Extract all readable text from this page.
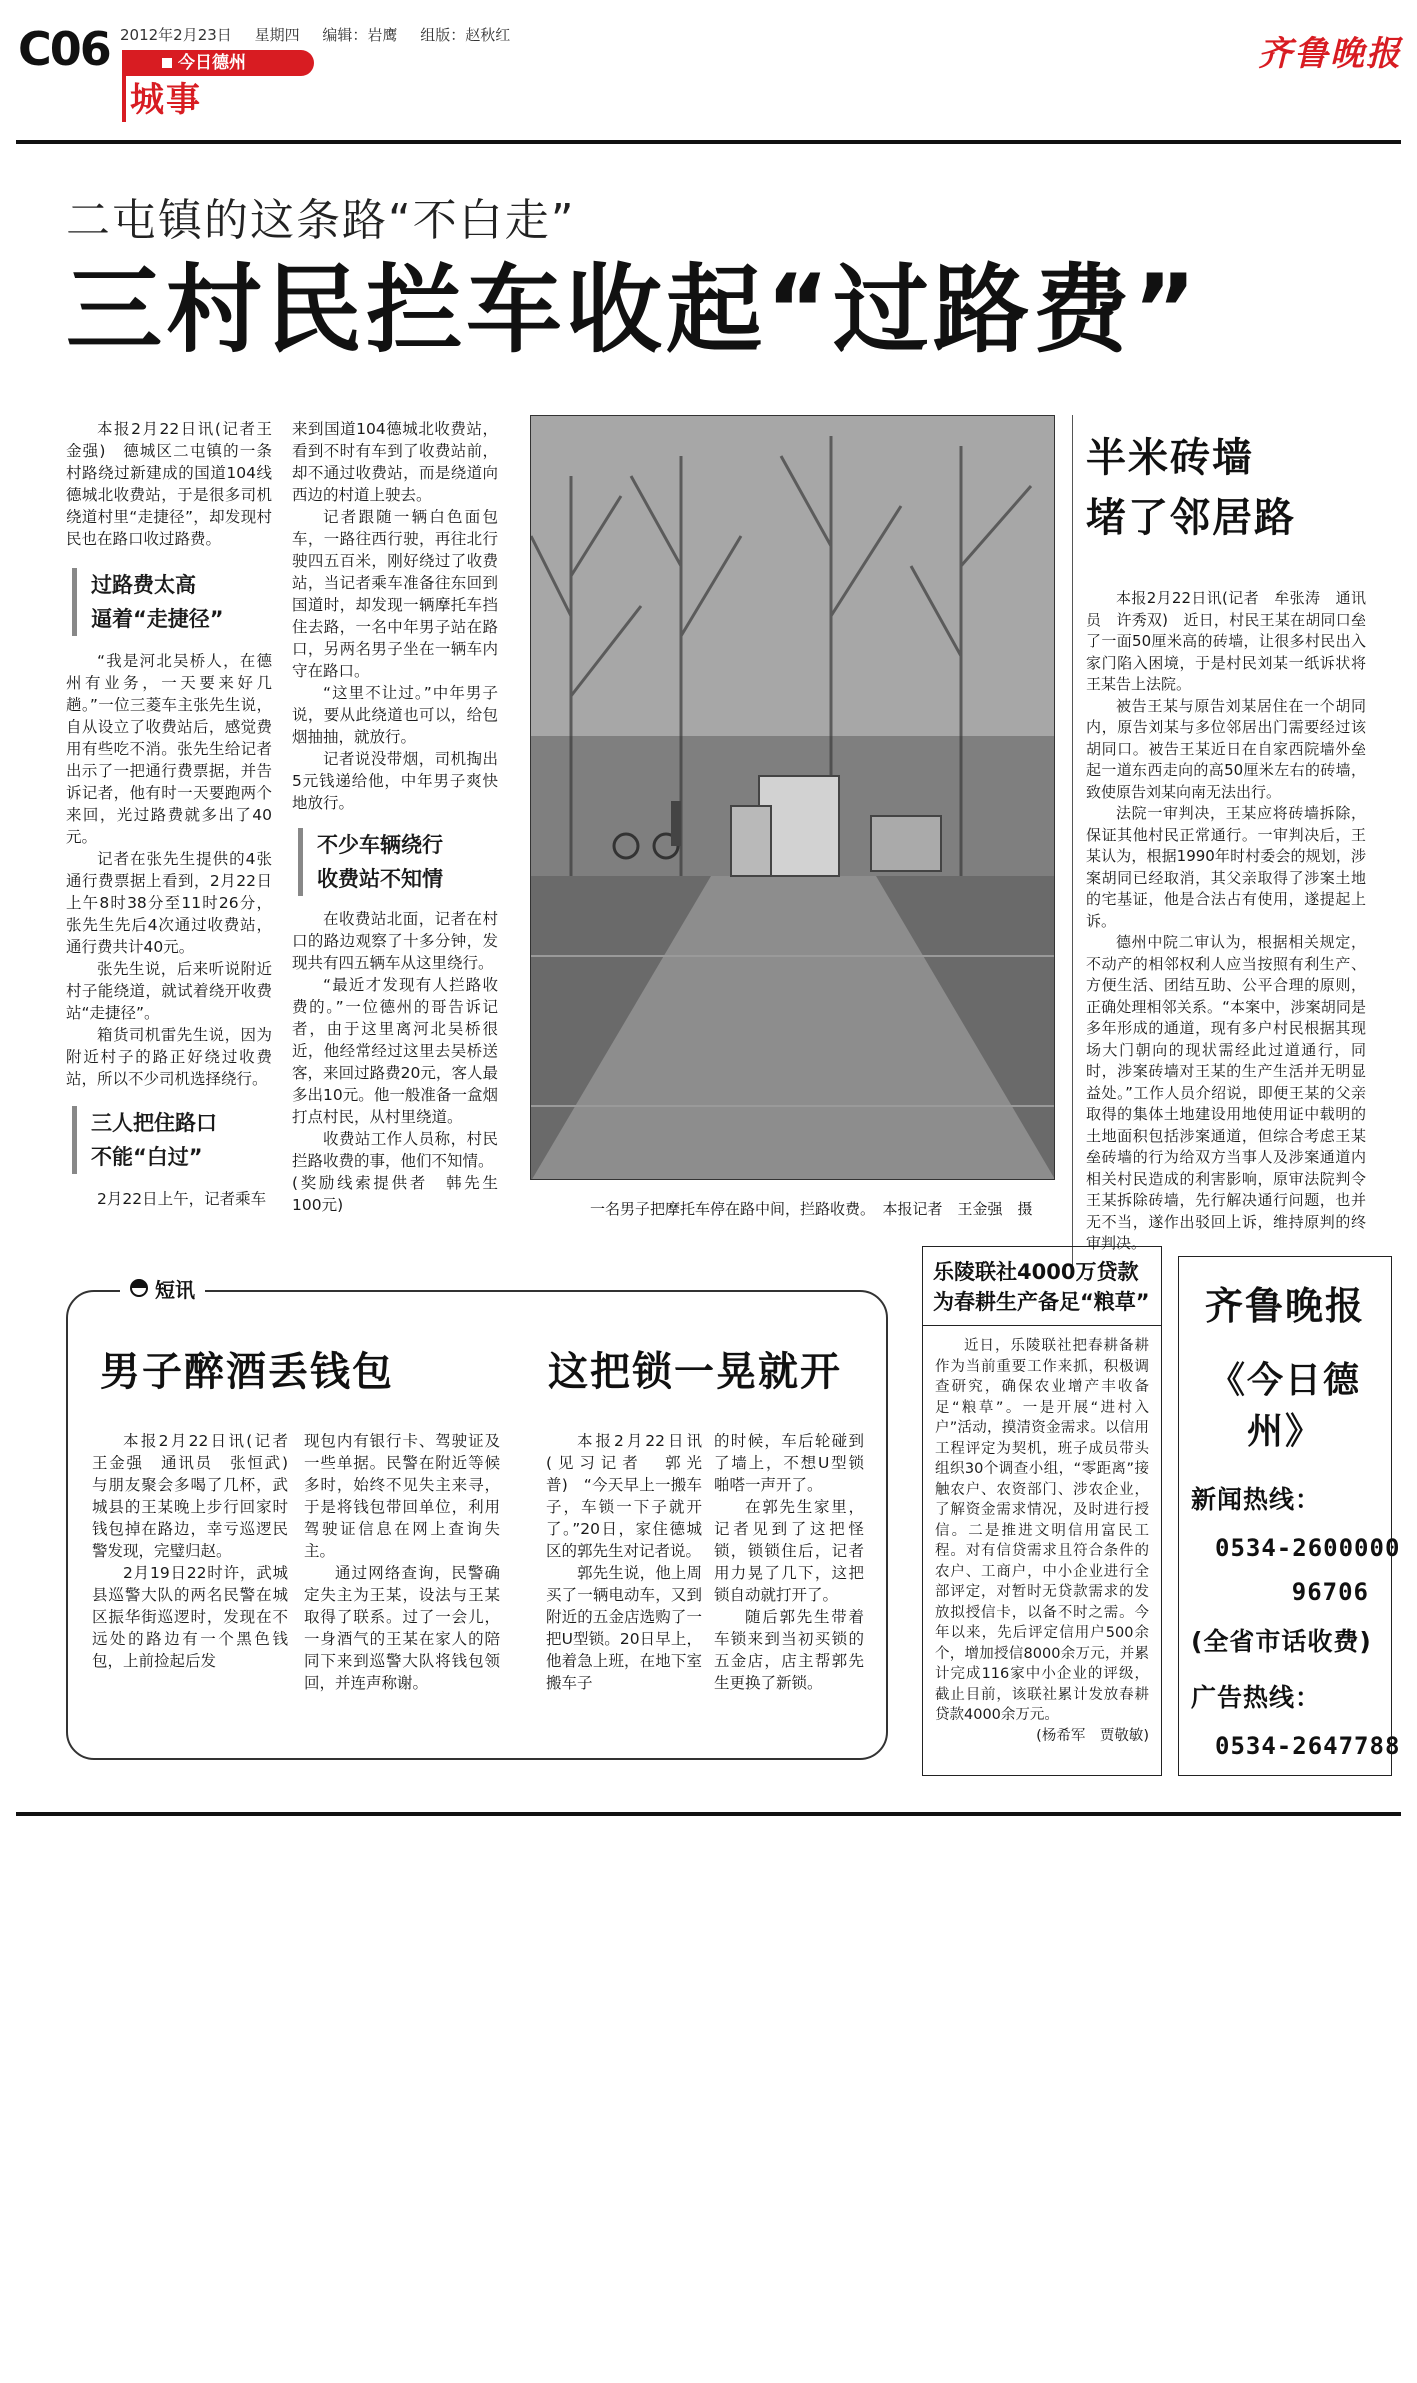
C06 2012年2月23日 星期四 编辑：岩鹰 组版：赵秋红
今日德州
城事
齐鲁晚报
二屯镇的这条路“不白走”
三村民拦车收起“过路费”

本报2月22日讯(记者王金强)　德城区二屯镇的一条村路绕过新建成的国道104线德城北收费站，于是很多司机绕道村里“走捷径”，却发现村民也在路口收过路费。

过路费太高
逼着“走捷径”

“我是河北吴桥人，在德州有业务，一天要来好几趟。”一位三菱车主张先生说，自从设立了收费站后，感觉费用有些吃不消。张先生给记者出示了一把通行费票据，并告诉记者，他有时一天要跑两个来回，光过路费就多出了40元。

记者在张先生提供的4张通行费票据上看到，2月22日上午8时38分至11时26分，张先生先后4次通过收费站，通行费共计40元。

张先生说，后来听说附近村子能绕道，就试着绕开收费站“走捷径”。

箱货司机雷先生说，因为附近村子的路正好绕过收费站，所以不少司机选择绕行。

三人把住路口
不能“白过”

2月22日上午，记者乘车

来到国道104德城北收费站，看到不时有车到了收费站前，却不通过收费站，而是绕道向西边的村道上驶去。

记者跟随一辆白色面包车，一路往西行驶，再往北行驶四五百米，刚好绕过了收费站，当记者乘车准备往东回到国道时，却发现一辆摩托车挡住去路，一名中年男子站在路口，另两名男子坐在一辆车内守在路口。

“这里不让过。”中年男子说，要从此绕道也可以，给包烟抽抽，就放行。

记者说没带烟，司机掏出5元钱递给他，中年男子爽快地放行。

不少车辆绕行
收费站不知情

在收费站北面，记者在村口的路边观察了十多分钟，发现共有四五辆车从这里绕行。

“最近才发现有人拦路收费的。”一位德州的哥告诉记者，由于这里离河北吴桥很近，他经常经过这里去吴桥送客，来回过路费20元，客人最多出10元。他一般准备一盒烟打点村民，从村里绕道。

收费站工作人员称，村民拦路收费的事，他们不知情。

(奖励线索提供者　韩先生100元)	一名男子把摩托车停在路中间，拦路收费。　本报记者　王金强　摄
半米砖墙
堵了邻居路

本报2月22日讯(记者　牟张涛　通讯员　许秀双)　近日，村民王某在胡同口垒了一面50厘米高的砖墙，让很多村民出入家门陷入困境，于是村民刘某一纸诉状将王某告上法院。

被告王某与原告刘某居住在一个胡同内，原告刘某与多位邻居出门需要经过该胡同口。被告王某近日在自家西院墙外垒起一道东西走向的高50厘米左右的砖墙，致使原告刘某向南无法出行。

法院一审判决，王某应将砖墙拆除，保证其他村民正常通行。一审判决后，王某认为，根据1990年时村委会的规划，涉案胡同已经取消，其父亲取得了涉案土地的宅基证，他是合法占有使用，遂提起上诉。

德州中院二审认为，根据相关规定，不动产的相邻权利人应当按照有利生产、方便生活、团结互助、公平合理的原则，正确处理相邻关系。“本案中，涉案胡同是多年形成的通道，现有多户村民根据其现场大门朝向的现状需经此过道通行，同时，涉案砖墙对王某的生产生活并无明显益处。”工作人员介绍说，即便王某的父亲取得的集体土地建设用地使用证中载明的土地面积包括涉案通道，但综合考虑王某垒砖墙的行为给双方当事人及涉案通道内相关村民造成的利害影响，原审法院判令王某拆除砖墙，先行解决通行问题，也并无不当，遂作出驳回上诉，维持原判的终审判决。

短讯
男子醉酒丢钱包

本报2月22日讯(记者　王金强　通讯员　张恒武)　与朋友聚会多喝了几杯，武城县的王某晚上步行回家时钱包掉在路边，幸亏巡逻民警发现，完璧归赵。

2月19日22时许，武城县巡警大队的两名民警在城区振华街巡逻时，发现在不远处的路边有一个黑色钱包，上前捡起后发

现包内有银行卡、驾驶证及一些单据。民警在附近等候多时，始终不见失主来寻，于是将钱包带回单位，利用驾驶证信息在网上查询失主。

通过网络查询，民警确定失主为王某，设法与王某取得了联系。过了一会儿，一身酒气的王某在家人的陪同下来到巡警大队将钱包领回，并连声称谢。

这把锁一晃就开

本报2月22日讯(见习记者　郭光普)　“今天早上一搬车子，车锁一下子就开了。”20日，家住德城区的郭先生对记者说。

郭先生说，他上周买了一辆电动车，又到附近的五金店选购了一把U型锁。20日早上，他着急上班，在地下室搬车子

的时候，车后轮碰到了墙上，不想U型锁啪嗒一声开了。

在郭先生家里，记者见到了这把怪锁，锁锁住后，记者用力晃了几下，这把锁自动就打开了。

随后郭先生带着车锁来到当初买锁的五金店，店主帮郭先生更换了新锁。

乐陵联社4000万贷款
为春耕生产备足“粮草”

近日，乐陵联社把春耕备耕作为当前重要工作来抓，积极调查研究，确保农业增产丰收备足“粮草”。一是开展“进村入户”活动，摸清资金需求。以信用工程评定为契机，班子成员带头组织30个调查小组，“零距离”接触农户、农资部门、涉农企业，了解资金需求情况，及时进行授信。二是推进文明信用富民工程。对有信贷需求且符合条件的农户、工商户，中小企业进行全部评定，对暂时无贷款需求的发放拟授信卡，以备不时之需。今年以来，先后评定信用户500余个，增加授信8000余万元，并累计完成116家中小企业的评级，截止目前，该联社累计发放春耕贷款4000余万元。

(杨希军　贾敬敏)

齐鲁晚报
《今日德州》
新闻热线：
0534-2600000
96706
(全省市话收费)
广告热线：
0534-2647788
